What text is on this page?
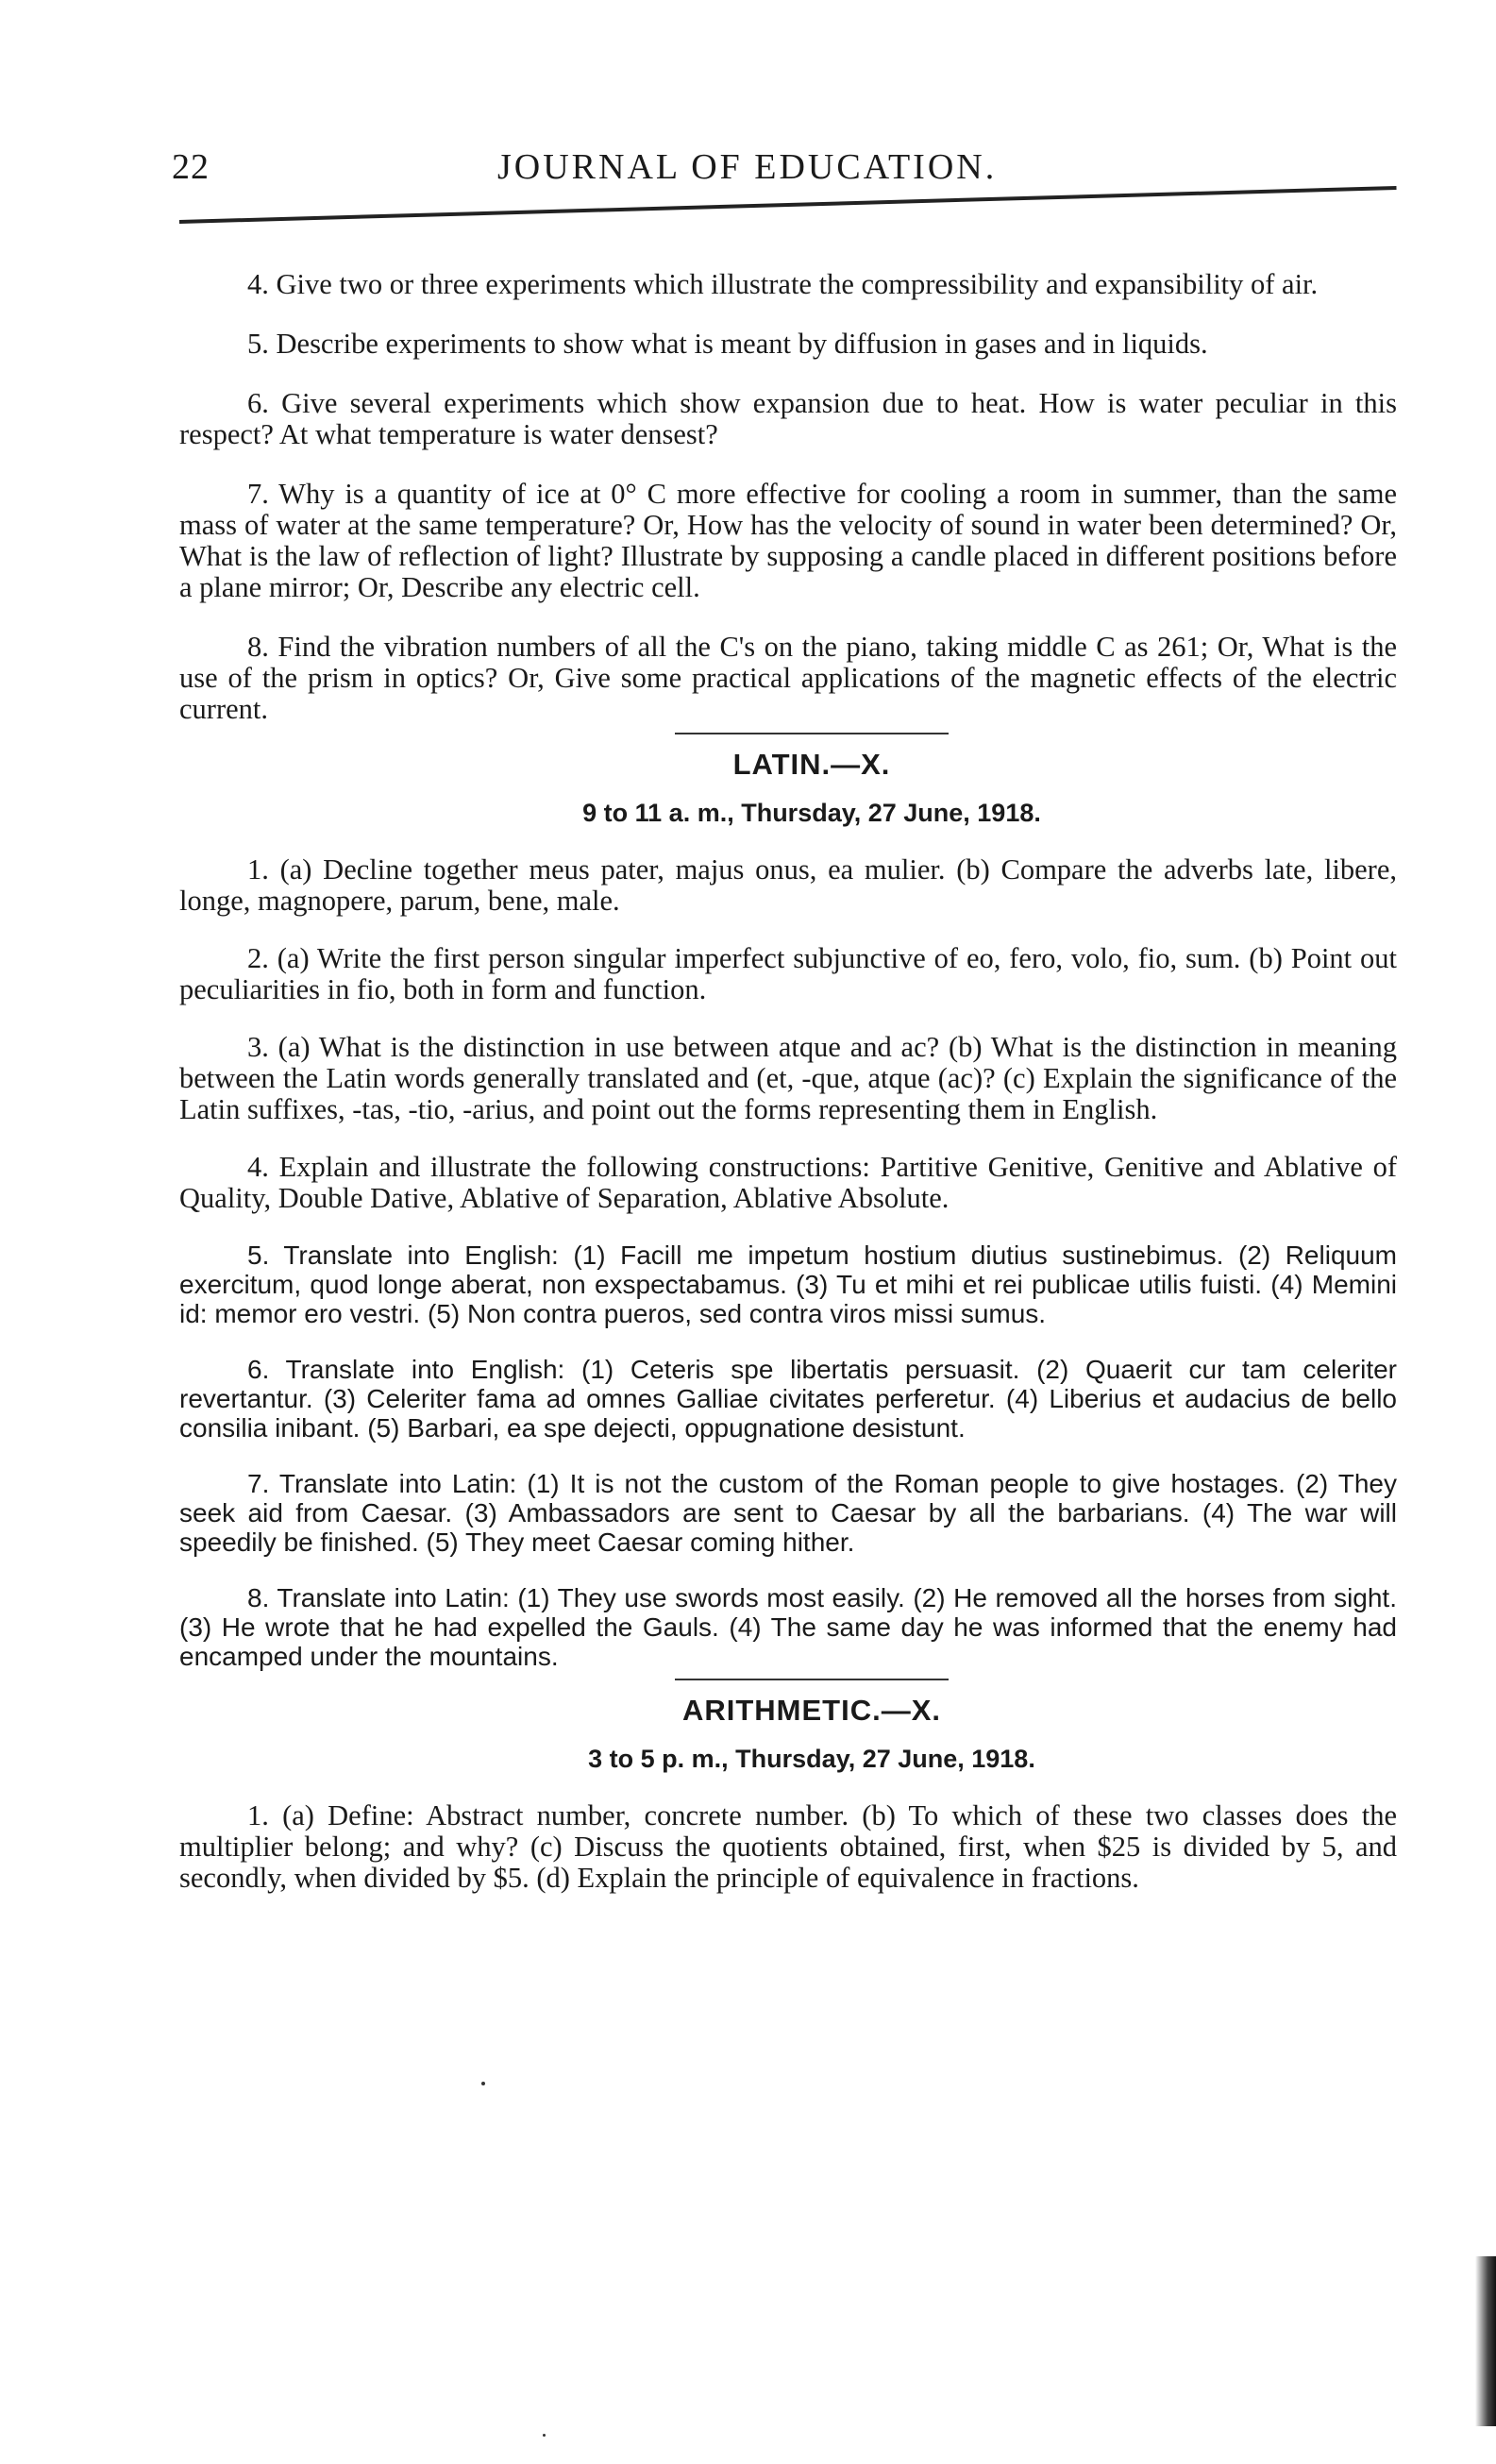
22	JOURNAL OF EDUCATION.

4. Give two or three experiments which illustrate the compressibility and expansibility of air.

5. Describe experiments to show what is meant by diffusion in gases and in liquids.

6. Give several experiments which show expansion due to heat. How is water peculiar in this respect? At what temperature is water densest?

7. Why is a quantity of ice at 0° C more effective for cooling a room in summer, than the same mass of water at the same temperature? Or, How has the velocity of sound in water been determined? Or, What is the law of reflection of light? Illustrate by supposing a candle placed in different positions before a plane mirror; Or, Describe any electric cell.

8. Find the vibration numbers of all the C's on the piano, taking middle C as 261; Or, What is the use of the prism in optics? Or, Give some practical applications of the magnetic effects of the electric current.

LATIN.—X.
9 to 11 a. m., Thursday, 27 June, 1918.

1. (a) Decline together meus pater, majus onus, ea mulier. (b) Compare the adverbs late, libere, longe, magnopere, parum, bene, male.

2. (a) Write the first person singular imperfect subjunctive of eo, fero, volo, fio, sum. (b) Point out peculiarities in fio, both in form and function.

3. (a) What is the distinction in use between atque and ac? (b) What is the distinction in meaning between the Latin words generally translated and (et, -que, atque (ac)? (c) Explain the significance of the Latin suffixes, -tas, -tio, -arius, and point out the forms representing them in English.

4. Explain and illustrate the following constructions: Partitive Genitive, Genitive and Ablative of Quality, Double Dative, Ablative of Separation, Ablative Absolute.

5. Translate into English: (1) Facill me impetum hostium diutius sustinebimus. (2) Reliquum exercitum, quod longe aberat, non exspectabamus. (3) Tu et mihi et rei publicae utilis fuisti. (4) Memini id: memor ero vestri. (5) Non contra pueros, sed contra viros missi sumus.

6. Translate into English: (1) Ceteris spe libertatis persuasit. (2) Quaerit cur tam celeriter revertantur. (3) Celeriter fama ad omnes Galliae civitates perferetur. (4) Liberius et audacius de bello consilia inibant. (5) Barbari, ea spe dejecti, oppugnatione desistunt.

7. Translate into Latin: (1) It is not the custom of the Roman people to give hostages. (2) They seek aid from Caesar. (3) Ambassadors are sent to Caesar by all the barbarians. (4) The war will speedily be finished. (5) They meet Caesar coming hither.

8. Translate into Latin: (1) They use swords most easily. (2) He removed all the horses from sight. (3) He wrote that he had expelled the Gauls. (4) The same day he was informed that the enemy had encamped under the mountains.

ARITHMETIC.—X.
3 to 5 p. m., Thursday, 27 June, 1918.

1. (a) Define: Abstract number, concrete number. (b) To which of these two classes does the multiplier belong; and why? (c) Discuss the quotients obtained, first, when $25 is divided by 5, and secondly, when divided by $5. (d) Explain the principle of equivalence in fractions.
